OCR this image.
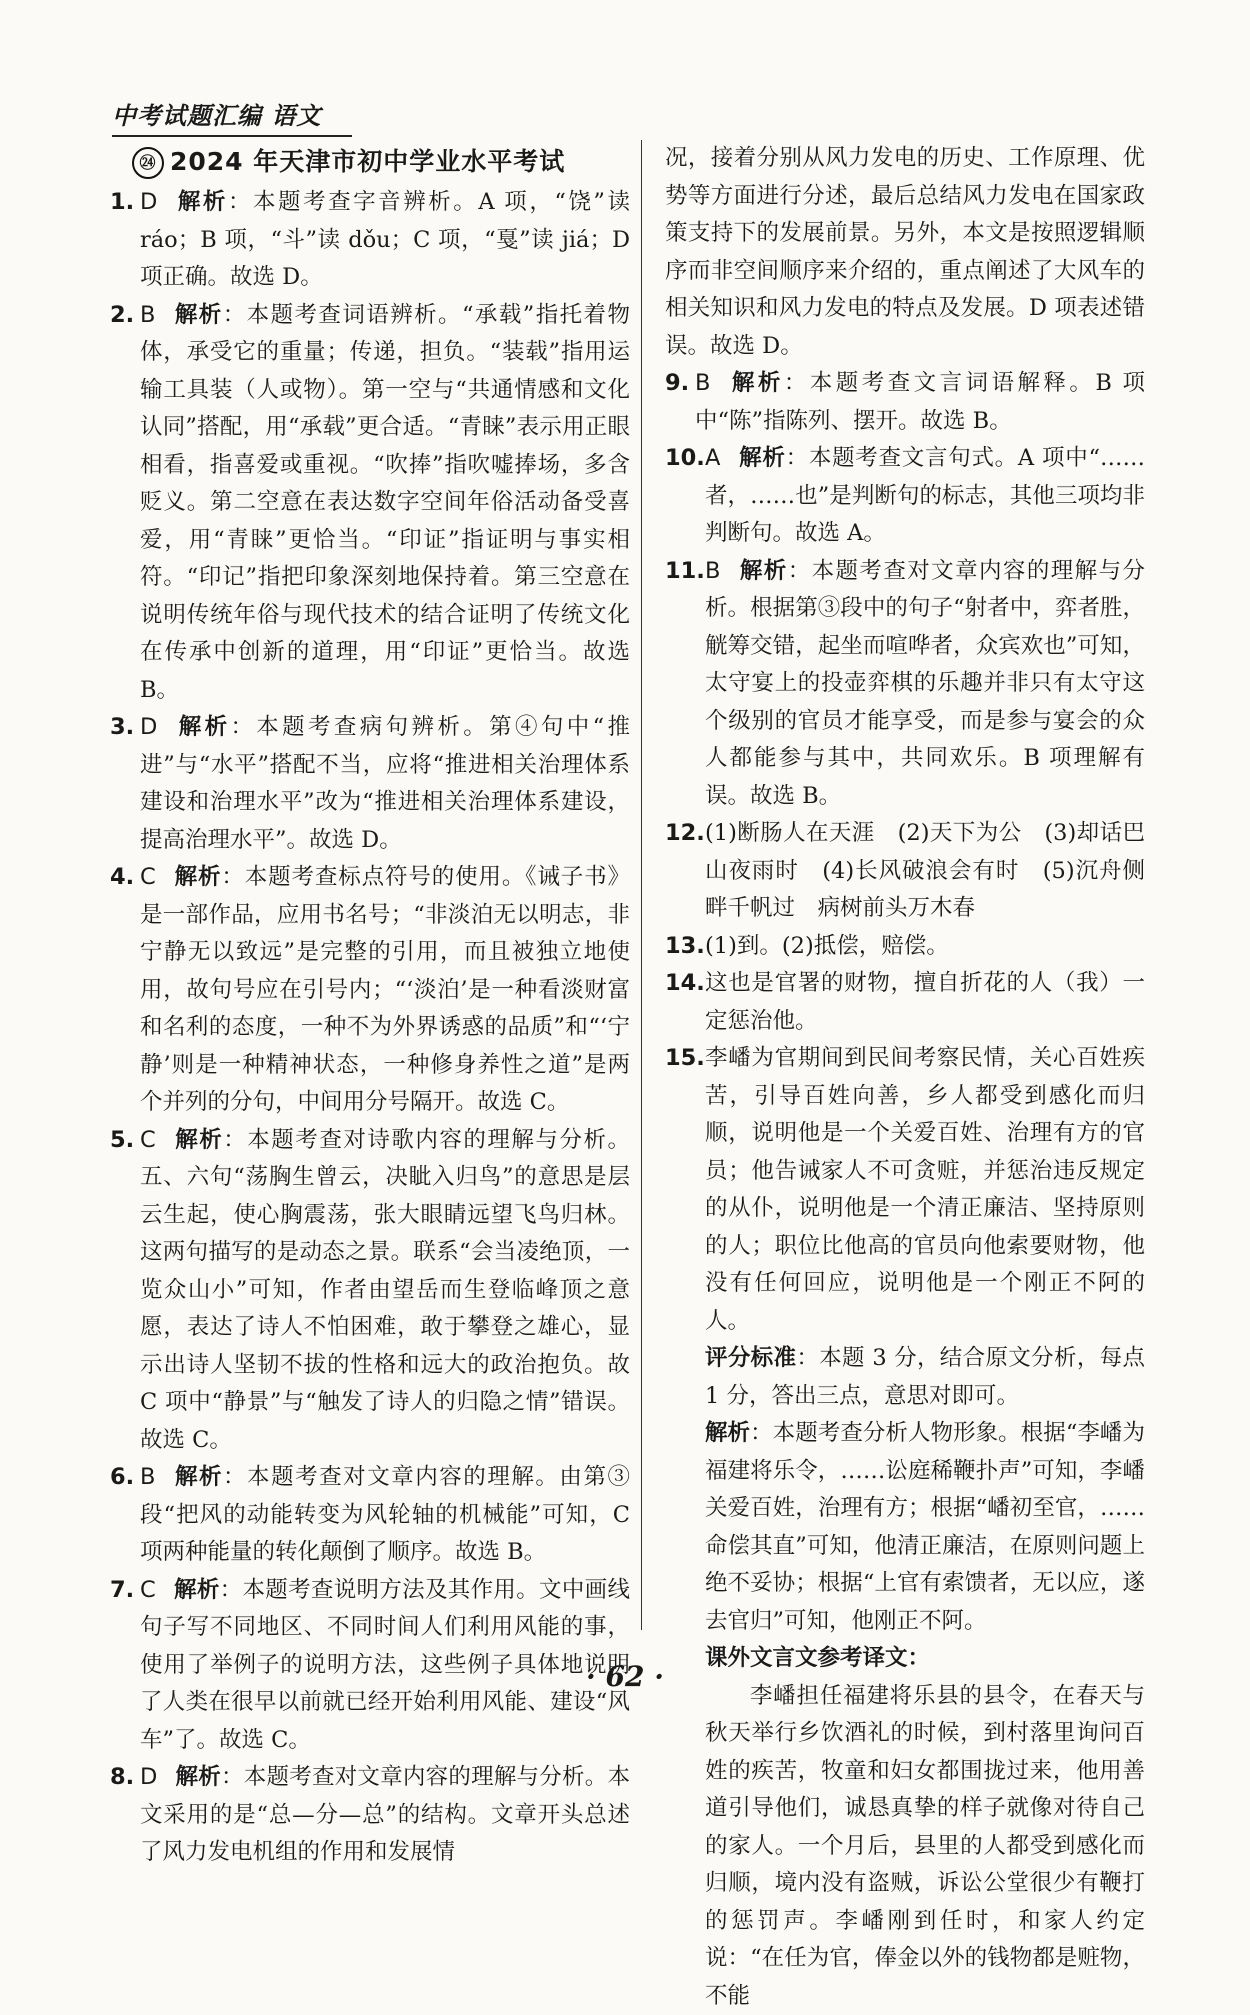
中考试题汇编 语文
㉔ 2024 年天津市初中学业水平考试
1. D 解析：本题考查字音辨析。A 项，“饶”读 ráo；B 项，“斗”读 dǒu；C 项，“戛”读 jiá；D 项正确。故选 D。
2. B 解析：本题考查词语辨析。“承载”指托着物体，承受它的重量；传递，担负。“装载”指用运输工具装（人或物）。第一空与“共通情感和文化认同”搭配，用“承载”更合适。“青睐”表示用正眼相看，指喜爱或重视。“吹捧”指吹嘘捧场，多含贬义。第二空意在表达数字空间年俗活动备受喜爱，用“青睐”更恰当。“印证”指证明与事实相符。“印记”指把印象深刻地保持着。第三空意在说明传统年俗与现代技术的结合证明了传统文化在传承中创新的道理，用“印证”更恰当。故选 B。
3. D 解析：本题考查病句辨析。第④句中“推进”与“水平”搭配不当，应将“推进相关治理体系建设和治理水平”改为“推进相关治理体系建设，提高治理水平”。故选 D。
4. C 解析：本题考查标点符号的使用。《诫子书》是一部作品，应用书名号；“非淡泊无以明志，非宁静无以致远”是完整的引用，而且被独立地使用，故句号应在引号内；“‘淡泊’是一种看淡财富和名利的态度，一种不为外界诱惑的品质”和“‘宁静’则是一种精神状态，一种修身养性之道”是两个并列的分句，中间用分号隔开。故选 C。
5. C 解析：本题考查对诗歌内容的理解与分析。五、六句“荡胸生曾云，决眦入归鸟”的意思是层云生起，使心胸震荡，张大眼睛远望飞鸟归林。这两句描写的是动态之景。联系“会当凌绝顶，一览众山小”可知，作者由望岳而生登临峰顶之意愿，表达了诗人不怕困难，敢于攀登之雄心，显示出诗人坚韧不拔的性格和远大的政治抱负。故 C 项中“静景”与“触发了诗人的归隐之情”错误。故选 C。
6. B 解析：本题考查对文章内容的理解。由第③段“把风的动能转变为风轮轴的机械能”可知，C 项两种能量的转化颠倒了顺序。故选 B。
7. C 解析：本题考查说明方法及其作用。文中画线句子写不同地区、不同时间人们利用风能的事，使用了举例子的说明方法，这些例子具体地说明了人类在很早以前就已经开始利用风能、建设“风车”了。故选 C。
8. D 解析：本题考查对文章内容的理解与分析。本文采用的是“总—分—总”的结构。文章开头总述了风力发电机组的作用和发展情
况，接着分别从风力发电的历史、工作原理、优势等方面进行分述，最后总结风力发电在国家政策支持下的发展前景。另外，本文是按照逻辑顺序而非空间顺序来介绍的，重点阐述了大风车的相关知识和风力发电的特点及发展。D 项表述错误。故选 D。
9. B 解析：本题考查文言词语解释。B 项中“陈”指陈列、摆开。故选 B。
10. A 解析：本题考查文言句式。A 项中“……者，……也”是判断句的标志，其他三项均非判断句。故选 A。
11. B 解析：本题考查对文章内容的理解与分析。根据第③段中的句子“射者中，弈者胜，觥筹交错，起坐而喧哗者，众宾欢也”可知，太守宴上的投壶弈棋的乐趣并非只有太守这个级别的官员才能享受，而是参与宴会的众人都能参与其中，共同欢乐。B 项理解有误。故选 B。
12. (1)断肠人在天涯　(2)天下为公　(3)却话巴山夜雨时　(4)长风破浪会有时　(5)沉舟侧畔千帆过　病树前头万木春
13. (1)到。(2)抵偿，赔偿。
14. 这也是官署的财物，擅自折花的人（我）一定惩治他。
15. 李嶓为官期间到民间考察民情，关心百姓疾苦，引导百姓向善，乡人都受到感化而归顺，说明他是一个关爱百姓、治理有方的官员；他告诫家人不可贪赃，并惩治违反规定的从仆，说明他是一个清正廉洁、坚持原则的人；职位比他高的官员向他索要财物，他没有任何回应，说明他是一个刚正不阿的人。
评分标准：本题 3 分，结合原文分析，每点 1 分，答出三点，意思对即可。
解析：本题考查分析人物形象。根据“李嶓为福建将乐令，……讼庭稀鞭扑声”可知，李嶓关爱百姓，治理有方；根据“嶓初至官，……命偿其直”可知，他清正廉洁，在原则问题上绝不妥协；根据“上官有索馈者，无以应，遂去官归”可知，他刚正不阿。
课外文言文参考译文：
李嶓担任福建将乐县的县令，在春天与秋天举行乡饮酒礼的时候，到村落里询问百姓的疾苦，牧童和妇女都围拢过来，他用善道引导他们，诚恳真挚的样子就像对待自己的家人。一个月后，县里的人都受到感化而归顺，境内没有盗贼，诉讼公堂很少有鞭打的惩罚声。李嶓刚到任时，和家人约定说：“在任为官，俸金以外的钱物都是赃物，不能
· 62 ·
